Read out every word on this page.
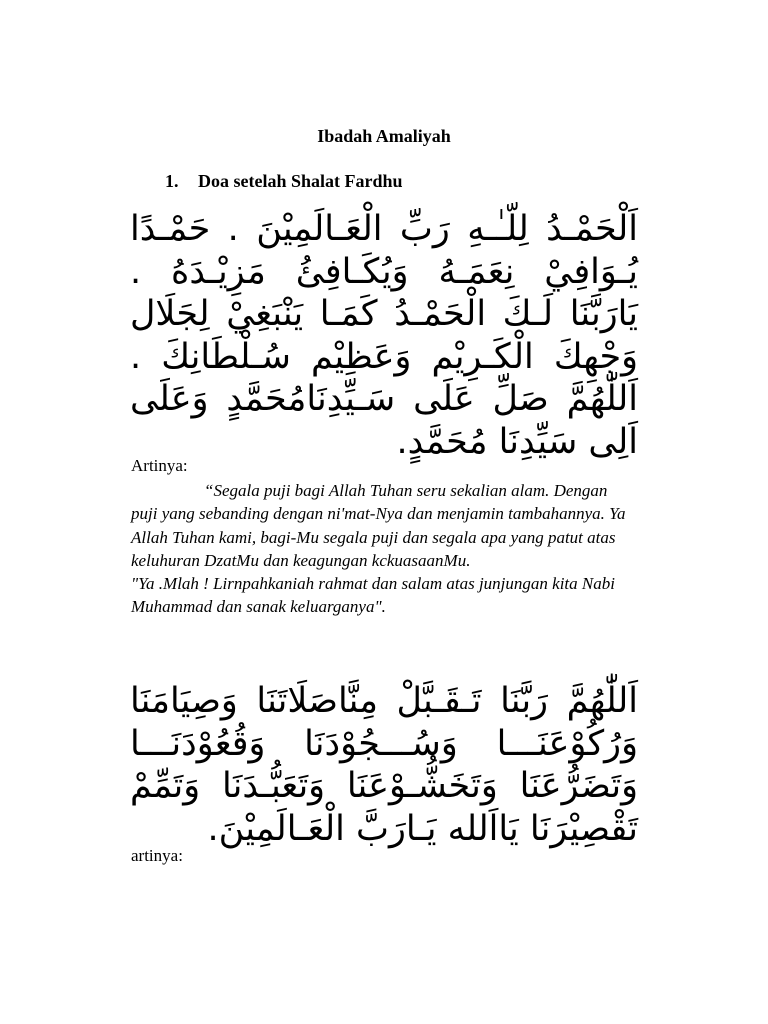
Ibadah Amaliyah
1. Doa setelah Shalat Fardhu
اَلْحَمْـدُ لِلّـٰـهِ رَبِّ الْعَـالَمِيْنَ . حَمْـدًا يُـوَافِيْ نِعَمَـهُ وَيُكَـافِئُ مَزِيْـدَهُ . يَارَبَّنَا لَـكَ الْحَمْـدُ كَمَـا يَنْبَغِيْ لِجَلَال وَجْهِكَ الْكَـرِيْم وَعَظِيْم سُـلْطَانِكَ . اَللّٰهُمَّ صَلِّ عَلَى سَـيِّدِنَامُحَمَّدٍ وَعَلَى اَلِى سَيِّدِنَا مُحَمَّدٍ.
Artinya:
“Segala puji bagi Allah Tuhan seru sekalian alam. Dengan puji yang sebanding dengan ni'mat-Nya dan menjamin tambahannya. Ya Allah Tuhan kami, bagi-Mu segala puji dan segala apa yang patut atas keluhuran DzatMu dan keagungan kckuasaanMu.
"Ya .Mlah ! Lirnpahkaniah rahmat dan salam atas junjungan kita Nabi Muhammad dan sanak keluarganya".
اَللّٰهُمَّ رَبَّنَا تَـقَـبَّلْ مِنَّاصَلَاتَنَا وَصِيَامَنَا وَرُكُوْعَنَـــا وَسُـــجُوْدَنَا وَقُعُوْدَنَـــا وَتَضَرُّعَنَا وَتَخَشُّـوْعَنَا وَتَعَبُّـدَنَا وَتَمِّمْ تَقْصِيْرَنَا يَااَلله يَـارَبَّ الْعَـالَمِيْنَ.
artinya:
